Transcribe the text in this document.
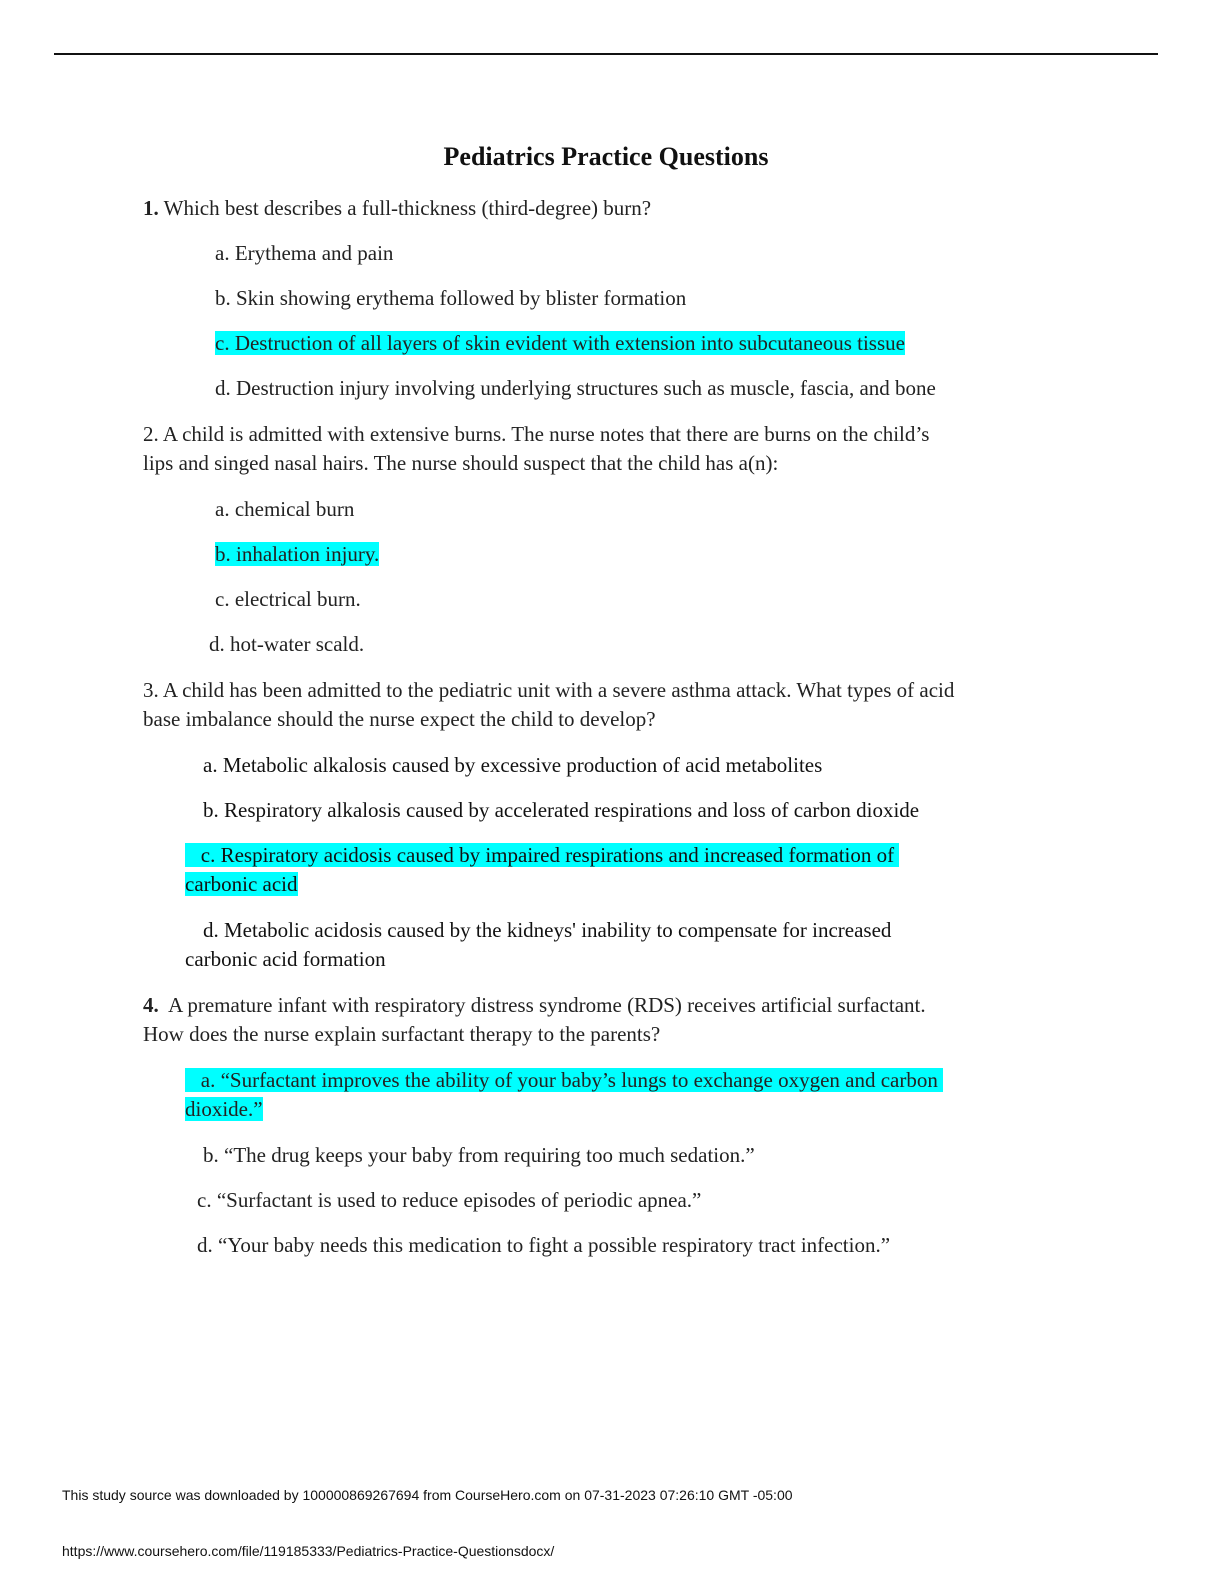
Pediatrics Practice Questions
1. Which best describes a full-thickness (third-degree) burn?
a. Erythema and pain
b. Skin showing erythema followed by blister formation
c. Destruction of all layers of skin evident with extension into subcutaneous tissue
d. Destruction injury involving underlying structures such as muscle, fascia, and bone
2. A child is admitted with extensive burns. The nurse notes that there are burns on the child’s
lips and singed nasal hairs. The nurse should suspect that the child has a(n):
a. chemical burn
b. inhalation injury.
c. electrical burn.
d. hot-water scald.
3. A child has been admitted to the pediatric unit with a severe asthma attack. What types of acid
base imbalance should the nurse expect the child to develop?
a. Metabolic alkalosis caused by excessive production of acid metabolites
b. Respiratory alkalosis caused by accelerated respirations and loss of carbon dioxide
c. Respiratory acidosis caused by impaired respirations and increased formation of
carbonic acid
d. Metabolic acidosis caused by the kidneys' inability to compensate for increased
carbonic acid formation
4.  A premature infant with respiratory distress syndrome (RDS) receives artificial surfactant.
How does the nurse explain surfactant therapy to the parents?
a. “Surfactant improves the ability of your baby’s lungs to exchange oxygen and carbon
dioxide.”
b. “The drug keeps your baby from requiring too much sedation.”
c. “Surfactant is used to reduce episodes of periodic apnea.”
d. “Your baby needs this medication to fight a possible respiratory tract infection.”
This study source was downloaded by 100000869267694 from CourseHero.com on 07-31-2023 07:26:10 GMT -05:00
https://www.coursehero.com/file/119185333/Pediatrics-Practice-Questionsdocx/
